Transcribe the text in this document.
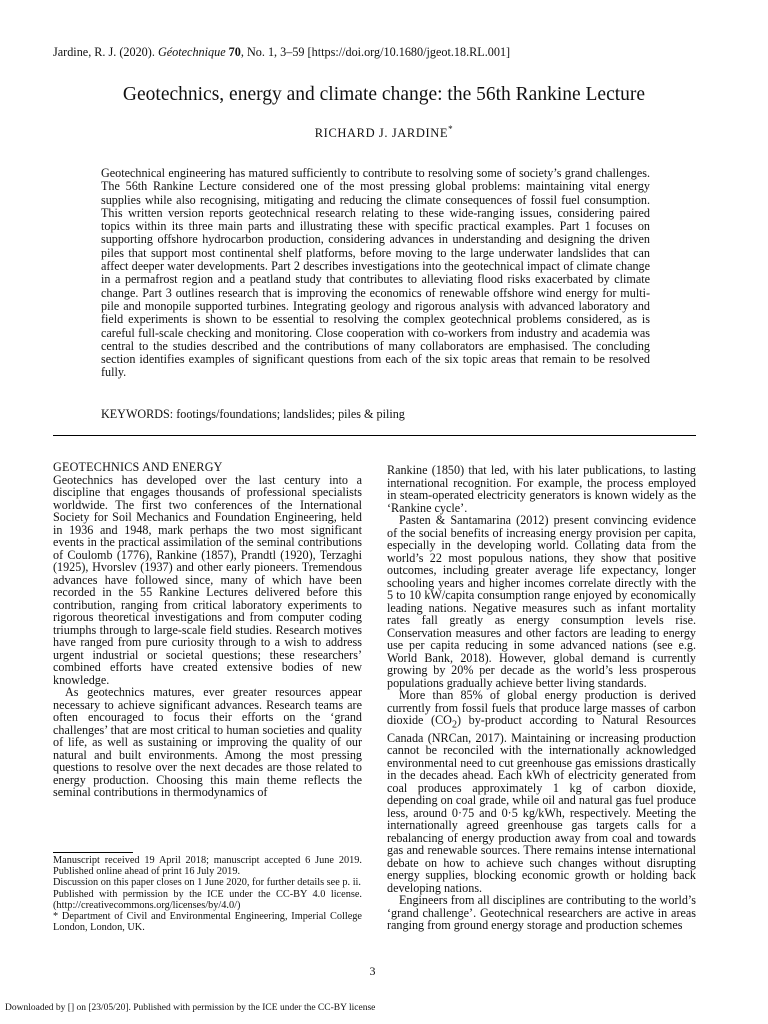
Jardine, R. J. (2020). Géotechnique 70, No. 1, 3–59 [https://doi.org/10.1680/jgeot.18.RL.001]
Geotechnics, energy and climate change: the 56th Rankine Lecture
RICHARD J. JARDINE*
Geotechnical engineering has matured sufficiently to contribute to resolving some of society’s grand challenges. The 56th Rankine Lecture considered one of the most pressing global problems: maintaining vital energy supplies while also recognising, mitigating and reducing the climate consequences of fossil fuel consumption. This written version reports geotechnical research relating to these wide-ranging issues, considering paired topics within its three main parts and illustrating these with specific practical examples. Part 1 focuses on supporting offshore hydrocarbon production, considering advances in understanding and designing the driven piles that support most continental shelf platforms, before moving to the large underwater landslides that can affect deeper water developments. Part 2 describes investigations into the geotechnical impact of climate change in a permafrost region and a peatland study that contributes to alleviating flood risks exacerbated by climate change. Part 3 outlines research that is improving the economics of renewable offshore wind energy for multi-pile and monopile supported turbines. Integrating geology and rigorous analysis with advanced laboratory and field experiments is shown to be essential to resolving the complex geotechnical problems considered, as is careful full-scale checking and monitoring. Close cooperation with co-workers from industry and academia was central to the studies described and the contributions of many collaborators are emphasised. The concluding section identifies examples of significant questions from each of the six topic areas that remain to be resolved fully.
KEYWORDS: footings/foundations; landslides; piles & piling
GEOTECHNICS AND ENERGY

Geotechnics has developed over the last century into a discipline that engages thousands of professional specialists worldwide. The first two conferences of the International Society for Soil Mechanics and Foundation Engineering, held in 1936 and 1948, mark perhaps the two most significant events in the practical assimilation of the seminal contributions of Coulomb (1776), Rankine (1857), Prandtl (1920), Terzaghi (1925), Hvorslev (1937) and other early pioneers. Tremendous advances have followed since, many of which have been recorded in the 55 Rankine Lectures delivered before this contribution, ranging from critical laboratory experiments to rigorous theoretical investigations and from computer coding triumphs through to large-scale field studies. Research motives have ranged from pure curiosity through to a wish to address urgent industrial or societal questions; these researchers’ combined efforts have created extensive bodies of new knowledge.

As geotechnics matures, ever greater resources appear necessary to achieve significant advances. Research teams are often encouraged to focus their efforts on the ‘grand challenges’ that are most critical to human societies and quality of life, as well as sustaining or improving the quality of our natural and built environments. Among the most pressing questions to resolve over the next decades are those related to energy production. Choosing this main theme reflects the seminal contributions in thermodynamics of

Rankine (1850) that led, with his later publications, to lasting international recognition. For example, the process employed in steam-operated electricity generators is known widely as the ‘Rankine cycle’.

Pasten & Santamarina (2012) present convincing evidence of the social benefits of increasing energy provision per capita, especially in the developing world. Collating data from the world’s 22 most populous nations, they show that positive outcomes, including greater average life expectancy, longer schooling years and higher incomes correlate directly with the 5 to 10 kW/capita consumption range enjoyed by economically leading nations. Negative measures such as infant mortality rates fall greatly as energy consumption levels rise. Conservation measures and other factors are leading to energy use per capita reducing in some advanced nations (see e.g. World Bank, 2018). However, global demand is currently growing by 20% per decade as the world’s less prosperous populations gradually achieve better living standards.

More than 85% of global energy production is derived currently from fossil fuels that produce large masses of carbon dioxide $(CO_2)$ by-product according to Natural Resources Canada (NRCan, 2017). Maintaining or increasing production cannot be reconciled with the internationally acknowledged environmental need to cut greenhouse gas emissions drastically in the decades ahead. Each kWh of electricity generated from coal produces approximately 1 kg of carbon dioxide, depending on coal grade, while oil and natural gas fuel produce less, around 0·75 and 0·5 kg/kWh, respectively. Meeting the internationally agreed greenhouse gas targets calls for a rebalancing of energy production away from coal and towards gas and renewable sources. There remains intense international debate on how to achieve such changes without disrupting energy supplies, blocking economic growth or holding back developing nations.

Engineers from all disciplines are contributing to the world’s ‘grand challenge’. Geotechnical researchers are active in areas ranging from ground energy storage and production schemes

Manuscript received 19 April 2018; manuscript accepted 6 June 2019. Published online ahead of print 16 July 2019.

Discussion on this paper closes on 1 June 2020, for further details see p. ii.

Published with permission by the ICE under the CC-BY 4.0 license. (http://creativecommons.org/licenses/by/4.0/)

* Department of Civil and Environmental Engineering, Imperial College London, London, UK.

3
Downloaded by [] on [23/05/20]. Published with permission by the ICE under the CC-BY license
